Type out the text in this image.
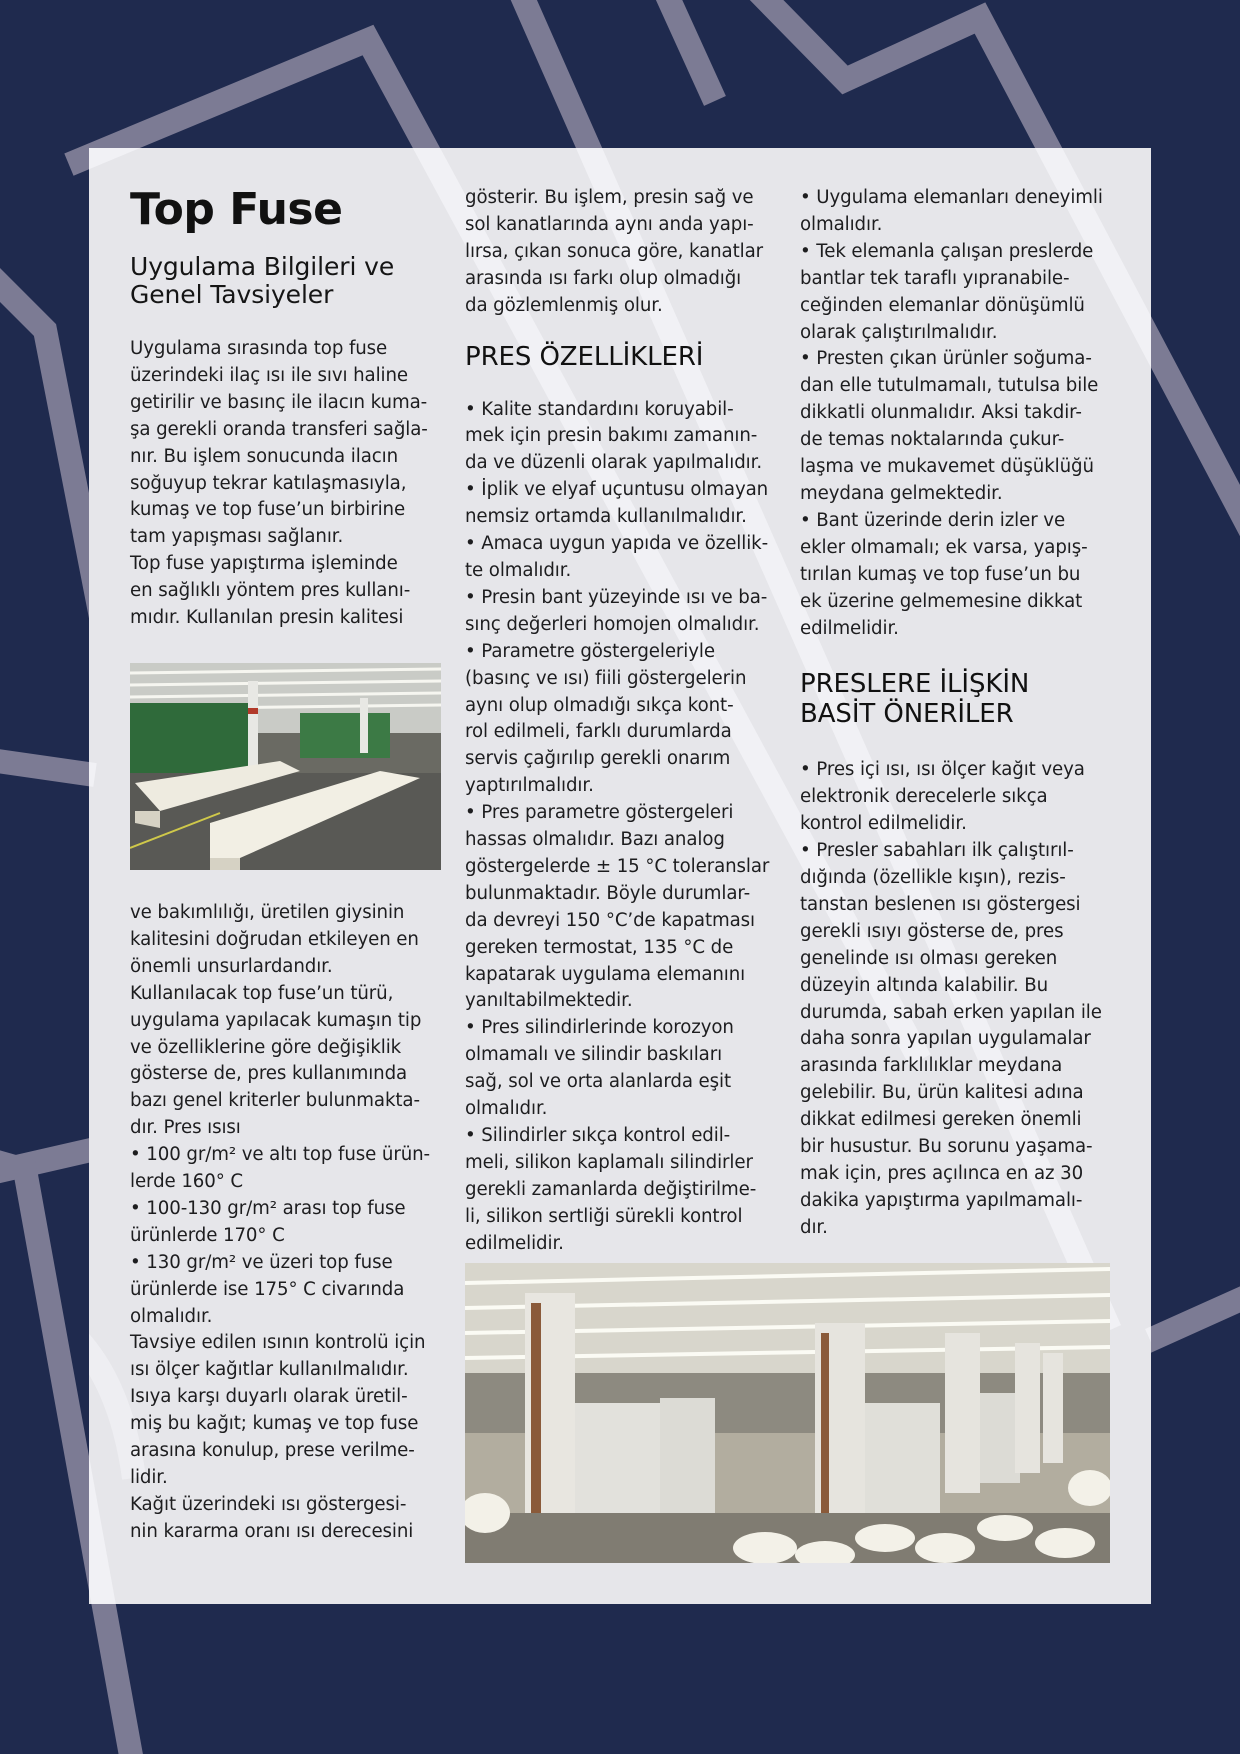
Top Fuse
Uygulama Bilgileri ve
Genel Tavsiyeler

Uygulama sırasında top fuse
üzerindeki ilaç ısı ile sıvı haline
getirilir ve basınç ile ilacın kuma-
şa gerekli oranda transferi sağla-
nır. Bu işlem sonucunda ilacın
soğuyup tekrar katılaşmasıyla,
kumaş ve top fuse’un birbirine
tam yapışması sağlanır.
Top fuse yapıştırma işleminde
en sağlıklı yöntem pres kullanı-
mıdır. Kullanılan presin kalitesi

ve bakımlılığı, üretilen giysinin
kalitesini doğrudan etkileyen en
önemli unsurlardandır.
Kullanılacak top fuse’un türü,
uygulama yapılacak kumaşın tip
ve özelliklerine göre değişiklik
gösterse de, pres kullanımında
bazı genel kriterler bulunmakta-
dır. Pres ısısı
• 100 gr/m² ve altı top fuse ürün-
lerde 160° C
• 100-130 gr/m² arası top fuse
ürünlerde 170° C
• 130 gr/m² ve üzeri top fuse
ürünlerde ise 175° C civarında
olmalıdır.
Tavsiye edilen ısının kontrolü için
ısı ölçer kağıtlar kullanılmalıdır.
Isıya karşı duyarlı olarak üretil-
miş bu kağıt; kumaş ve top fuse
arasına konulup, prese verilme-
lidir.
Kağıt üzerindeki ısı göstergesi-
nin kararma oranı ısı derecesini

gösterir. Bu işlem, presin sağ ve
sol kanatlarında aynı anda yapı-
lırsa, çıkan sonuca göre, kanatlar
arasında ısı farkı olup olmadığı
da gözlemlenmiş olur.

PRES ÖZELLİKLERİ

• Kalite standardını koruyabil-
mek için presin bakımı zamanın-
da ve düzenli olarak yapılmalıdır.
• İplik ve elyaf uçuntusu olmayan
nemsiz ortamda kullanılmalıdır.
• Amaca uygun yapıda ve özellik-
te olmalıdır.
• Presin bant yüzeyinde ısı ve ba-
sınç değerleri homojen olmalıdır.
• Parametre göstergeleriyle
(basınç ve ısı) fiili göstergelerin
aynı olup olmadığı sıkça kont-
rol edilmeli, farklı durumlarda
servis çağırılıp gerekli onarım
yaptırılmalıdır.
• Pres parametre göstergeleri
hassas olmalıdır. Bazı analog
göstergelerde ± 15 °C toleranslar
bulunmaktadır. Böyle durumlar-
da devreyi 150 °C’de kapatması
gereken termostat, 135 °C de
kapatarak uygulama elemanını
yanıltabilmektedir.
• Pres silindirlerinde korozyon
olmamalı ve silindir baskıları
sağ, sol ve orta alanlarda eşit
olmalıdır.
• Silindirler sıkça kontrol edil-
meli, silikon kaplamalı silindirler
gerekli zamanlarda değiştirilme-
li, silikon sertliği sürekli kontrol
edilmelidir.

• Uygulama elemanları deneyimli
olmalıdır.
• Tek elemanla çalışan preslerde
bantlar tek taraflı yıpranabile-
ceğinden elemanlar dönüşümlü
olarak çalıştırılmalıdır.
• Presten çıkan ürünler soğuma-
dan elle tutulmamalı, tutulsa bile
dikkatli olunmalıdır. Aksi takdir-
de temas noktalarında çukur-
laşma ve mukavemet düşüklüğü
meydana gelmektedir.
• Bant üzerinde derin izler ve
ekler olmamalı; ek varsa, yapış-
tırılan kumaş ve top fuse’un bu
ek üzerine gelmemesine dikkat
edilmelidir.

PRESLERE İLİŞKİN
BASİT ÖNERİLER

• Pres içi ısı, ısı ölçer kağıt veya
elektronik derecelerle sıkça
kontrol edilmelidir.
• Presler sabahları ilk çalıştırıl-
dığında (özellikle kışın), rezis-
tanstan beslenen ısı göstergesi
gerekli ısıyı gösterse de, pres
genelinde ısı olması gereken
düzeyin altında kalabilir. Bu
durumda, sabah erken yapılan ile
daha sonra yapılan uygulamalar
arasında farklılıklar meydana
gelebilir. Bu, ürün kalitesi adına
dikkat edilmesi gereken önemli
bir husustur. Bu sorunu yaşama-
mak için, pres açılınca en az 30
dakika yapıştırma yapılmamalı-
dır.
